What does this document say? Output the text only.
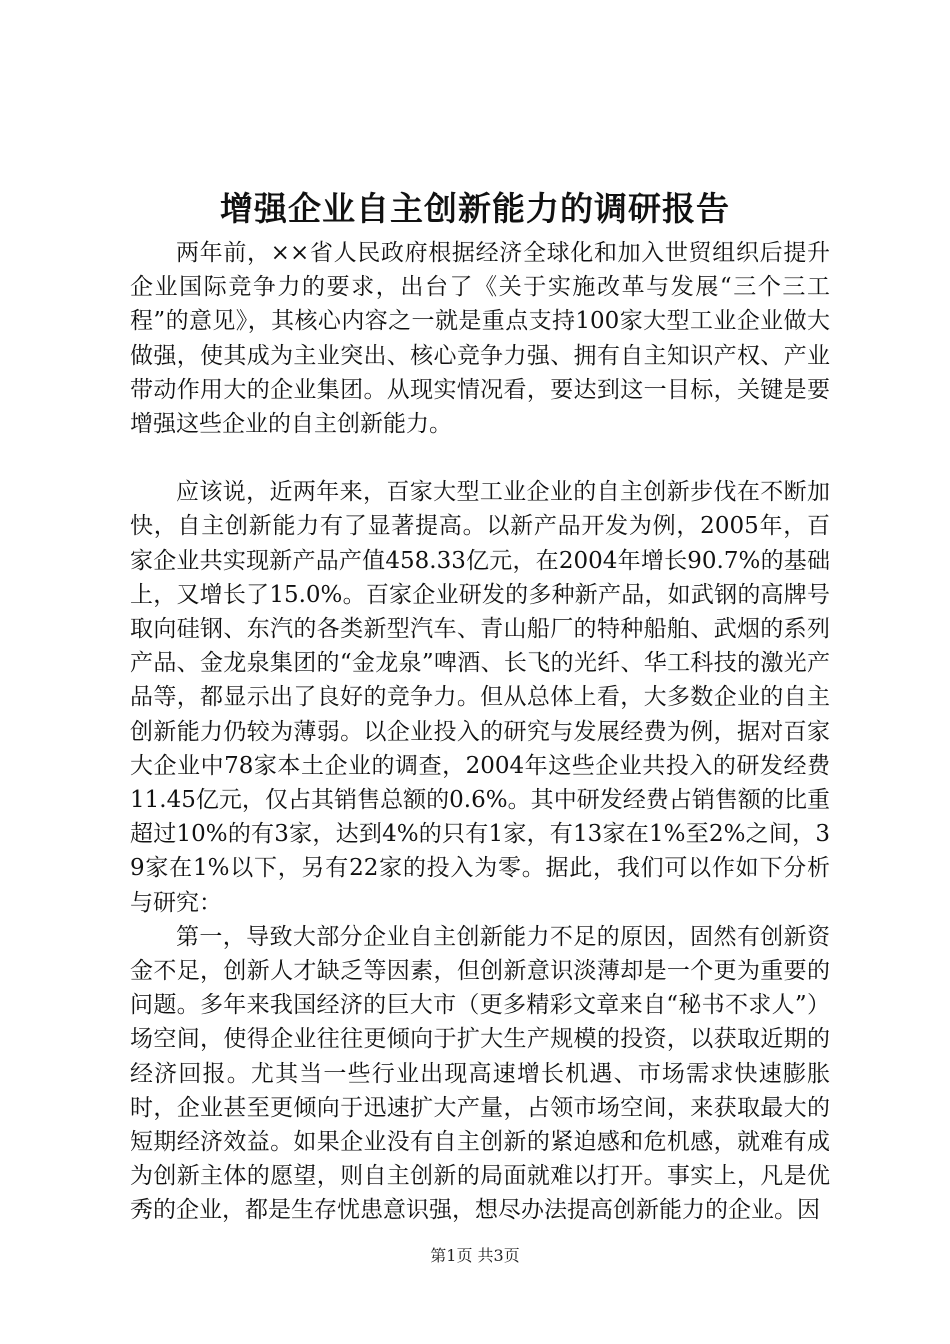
增强企业自主创新能力的调研报告

两年前，××省人民政府根据经济全球化和加入世贸组织后提升企业国际竞争力的要求，出台了《关于实施改革与发展“三个三工程”的意见》，其核心内容之一就是重点支持100家大型工业企业做大做强，使其成为主业突出、核心竞争力强、拥有自主知识产权、产业带动作用大的企业集团。从现实情况看，要达到这一目标，关键是要增强这些企业的自主创新能力。

应该说，近两年来，百家大型工业企业的自主创新步伐在不断加快，自主创新能力有了显著提高。以新产品开发为例，2005年，百家企业共实现新产品产值458.33亿元，在2004年增长90.7%的基础上，又增长了15.0%。百家企业研发的多种新产品，如武钢的高牌号取向硅钢、东汽的各类新型汽车、青山船厂的特种船舶、武烟的系列产品、金龙泉集团的“金龙泉”啤酒、长飞的光纤、华工科技的激光产品等，都显示出了良好的竞争力。但从总体上看，大多数企业的自主创新能力仍较为薄弱。以企业投入的研究与发展经费为例，据对百家大企业中78家本土企业的调查，2004年这些企业共投入的研发经费11.45亿元，仅占其销售总额的0.6%。其中研发经费占销售额的比重超过10%的有3家，达到4%的只有1家，有13家在1%至2%之间，39家在1%以下，另有22家的投入为零。据此，我们可以作如下分析与研究：

第一，导致大部分企业自主创新能力不足的原因，固然有创新资金不足，创新人才缺乏等因素，但创新意识淡薄却是一个更为重要的问题。多年来我国经济的巨大市（更多精彩文章来自“秘书不求人”）场空间，使得企业往往更倾向于扩大生产规模的投资，以获取近期的经济回报。尤其当一些行业出现高速增长机遇、市场需求快速膨胀时，企业甚至更倾向于迅速扩大产量，占领市场空间，来获取最大的短期经济效益。如果企业没有自主创新的紧迫感和危机感，就难有成为创新主体的愿望，则自主创新的局面就难以打开。事实上，凡是优秀的企业，都是生存忧患意识强，想尽办法提高创新能力的企业。因

第1页 共3页
